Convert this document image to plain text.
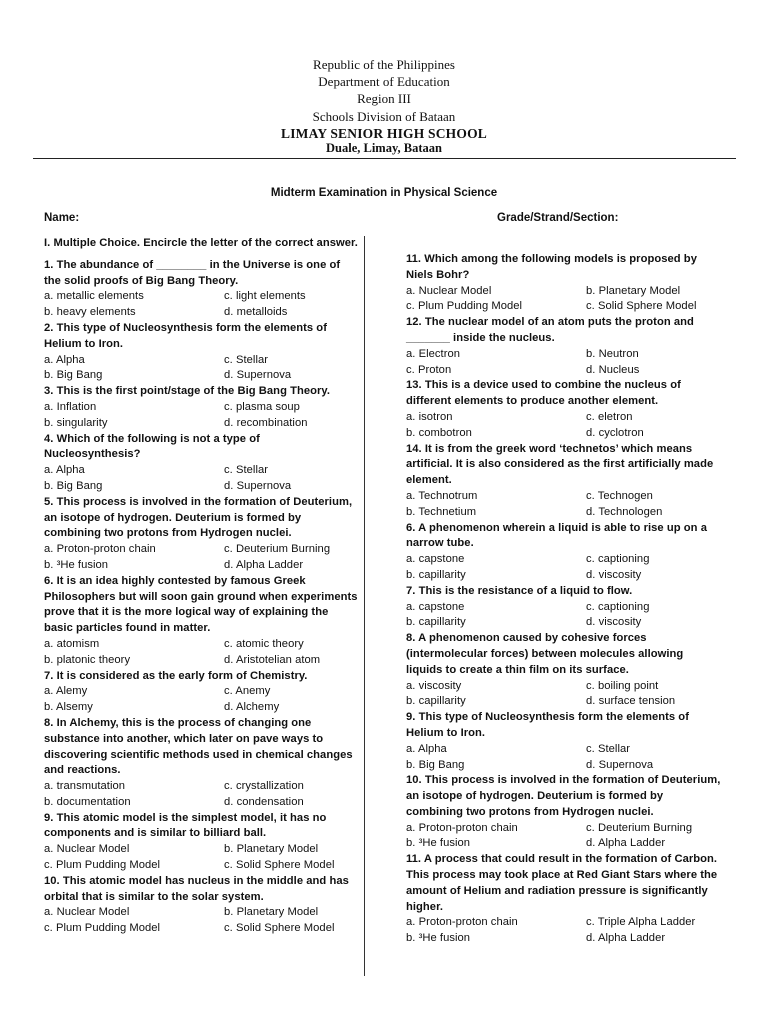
Republic of the Philippines
Department of Education
Region III
Schools Division of Bataan
LIMAY SENIOR HIGH SCHOOL
Duale, Limay, Bataan
Midterm Examination in Physical Science
Name:	Grade/Strand/Section:
I. Multiple Choice. Encircle the letter of the correct answer.
1. The abundance of ________ in the Universe is one of the solid proofs of Big Bang Theory.
a. metallic elements	c. light elements
b. heavy elements	d. metalloids
2. This type of Nucleosynthesis form the elements of Helium to Iron.
a. Alpha	c. Stellar
b. Big Bang	d. Supernova
3. This is the first point/stage of the Big Bang Theory.
a. Inflation	c. plasma soup
b. singularity	d. recombination
4. Which of the following is not a type of Nucleosynthesis?
a. Alpha	c. Stellar
b. Big Bang	d. Supernova
5. This process is involved in the formation of Deuterium, an isotope of hydrogen. Deuterium is formed by combining two protons from Hydrogen nuclei.
a. Proton-proton chain	c. Deuterium Burning
b. ³He fusion	d. Alpha Ladder
6. It is an idea highly contested by famous Greek Philosophers but will soon gain ground when experiments prove that it is the more logical way of explaining the basic particles found in matter.
a. atomism	c. atomic theory
b. platonic theory	d. Aristotelian atom
7. It is considered as the early form of Chemistry.
a. Alemy	c. Anemy
b. Alsemy	d. Alchemy
8. In Alchemy, this is the process of changing one substance into another, which later on pave ways to discovering scientific methods used in chemical changes and reactions.
a. transmutation	c. crystallization
b. documentation	d. condensation
9. This atomic model is the simplest model, it has no components and is similar to billiard ball.
a. Nuclear Model	b. Planetary Model
c. Plum Pudding Model	c. Solid Sphere Model
10. This atomic model has nucleus in the middle and has orbital that is similar to the solar system.
a. Nuclear Model	b. Planetary Model
c. Plum Pudding Model	c. Solid Sphere Model
11. Which among the following models is proposed by Niels Bohr?
a. Nuclear Model	b. Planetary Model
c. Plum Pudding Model	c. Solid Sphere Model
12. The nuclear model of an atom puts the proton and _______ inside the nucleus.
a. Electron	b. Neutron
c. Proton	d. Nucleus
13. This is a device used to combine the nucleus of different elements to produce another element.
a. isotron	c. eletron
b. combotron	d. cyclotron
14. It is from the greek word ‘technetos’ which means artificial. It is also considered as the first artificially made element.
a. Technotrum	c. Technogen
b. Technetium	d. Technologen
6. A phenomenon wherein a liquid is able to rise up on a narrow tube.
a. capstone	c. captioning
b. capillarity	d. viscosity
7. This is the resistance of a liquid to flow.
a. capstone	c. captioning
b. capillarity	d. viscosity
8. A phenomenon caused by cohesive forces (intermolecular forces) between molecules allowing liquids to create a thin film on its surface.
a. viscosity	c. boiling point
b. capillarity	d. surface tension
9. This type of Nucleosynthesis form the elements of Helium to Iron.
a. Alpha	c. Stellar
b. Big Bang	d. Supernova
10. This process is involved in the formation of Deuterium, an isotope of hydrogen. Deuterium is formed by combining two protons from Hydrogen nuclei.
a. Proton-proton chain	c. Deuterium Burning
b. ³He fusion	d. Alpha Ladder
11. A process that could result in the formation of Carbon. This process may took place at Red Giant Stars where the amount of Helium and radiation pressure is significantly higher.
a. Proton-proton chain	c. Triple Alpha Ladder
b. ³He fusion	d. Alpha Ladder
